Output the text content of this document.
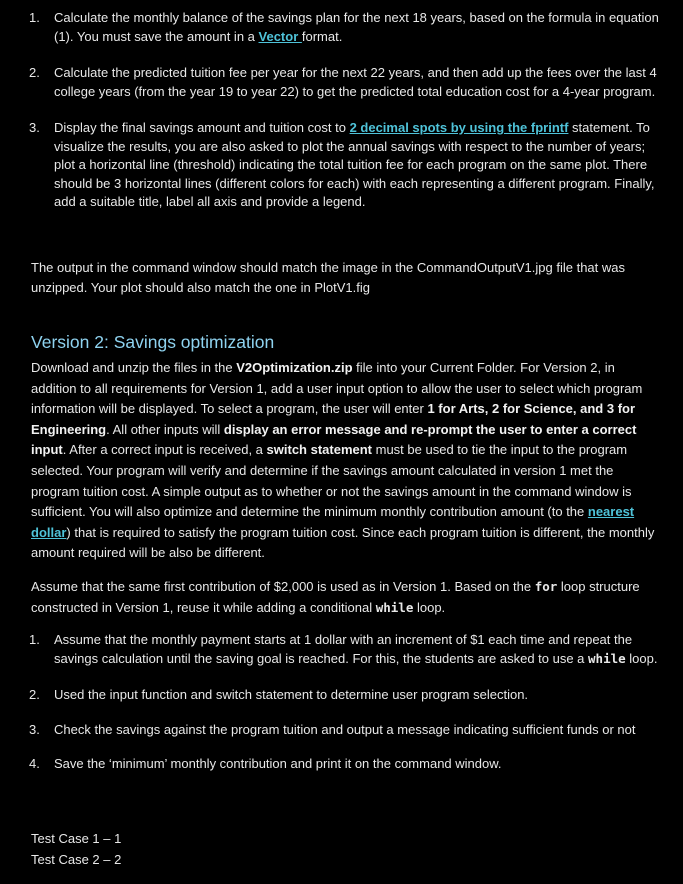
1. Calculate the monthly balance of the savings plan for the next 18 years, based on the formula in equation (1). You must save the amount in a Vector format.
2. Calculate the predicted tuition fee per year for the next 22 years, and then add up the fees over the last 4 college years (from the year 19 to year 22) to get the predicted total education cost for a 4-year program.
3. Display the final savings amount and tuition cost to 2 decimal spots by using the fprintf statement. To visualize the results, you are also asked to plot the annual savings with respect to the number of years; plot a horizontal line (threshold) indicating the total tuition fee for each program on the same plot. There should be 3 horizontal lines (different colors for each) with each representing a different program. Finally, add a suitable title, label all axis and provide a legend.

The output in the command window should match the image in the CommandOutputV1.jpg file that was unzipped. Your plot should also match the one in PlotV1.fig

Version 2: Savings optimization

Download and unzip the files in the V2Optimization.zip file into your Current Folder. For Version 2, in addition to all requirements for Version 1, add a user input option to allow the user to select which program information will be displayed. To select a program, the user will enter 1 for Arts, 2 for Science, and 3 for Engineering. All other inputs will display an error message and re-prompt the user to enter a correct input. After a correct input is received, a switch statement must be used to tie the input to the program selected. Your program will verify and determine if the savings amount calculated in version 1 met the program tuition cost. A simple output as to whether or not the savings amount in the command window is sufficient. You will also optimize and determine the minimum monthly contribution amount (to the nearest dollar) that is required to satisfy the program tuition cost. Since each program tuition is different, the monthly amount required will be also be different.

Assume that the same first contribution of $2,000 is used as in Version 1. Based on the for loop structure constructed in Version 1, reuse it while adding a conditional while loop.

1. Assume that the monthly payment starts at 1 dollar with an increment of $1 each time and repeat the savings calculation until the saving goal is reached. For this, the students are asked to use a while loop.
2. Used the input function and switch statement to determine user program selection.
3. Check the savings against the program tuition and output a message indicating sufficient funds or not
4. Save the ‘minimum’ monthly contribution and print it on the command window.
Test Case 1 – 1
Test Case 2 – 2
